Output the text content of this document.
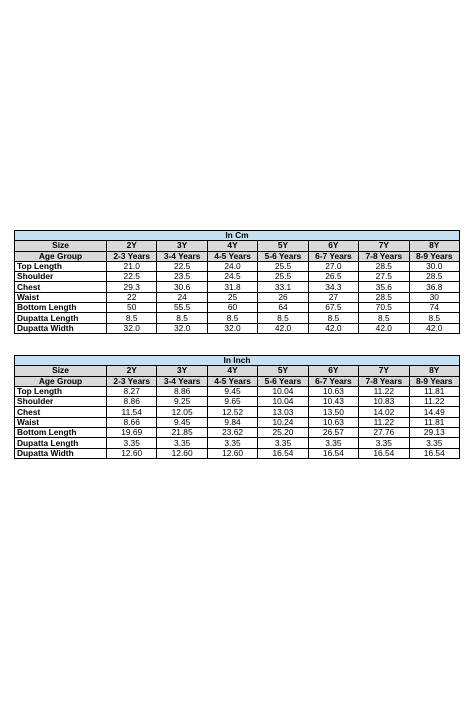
In Cm							
Size	2Y	3Y	4Y	5Y	6Y	7Y	8Y
Age Group	2-3 Years	3-4 Years	4-5 Years	5-6 Years	6-7 Years	7-8 Years	8-9 Years
Top Length	21.0	22.5	24.0	25.5	27.0	28.5	30.0
Shoulder	22.5	23.5	24.5	25.5	26.5	27.5	28.5
Chest	29.3	30.6	31.8	33.1	34.3	35.6	36.8
Waist	22	24	25	26	27	28.5	30
Bottom Length	50	55.5	60	64	67.5	70.5	74
Dupatta Length	8.5	8.5	8.5	8.5	8.5	8.5	8.5
Dupatta Width	32.0	32.0	32.0	42.0	42.0	42.0	42.0
In Inch							
Size	2Y	3Y	4Y	5Y	6Y	7Y	8Y
Age Group	2-3 Years	3-4 Years	4-5 Years	5-6 Years	6-7 Years	7-8 Years	8-9 Years
Top Length	8.27	8.86	9.45	10.04	10.63	11.22	11.81
Shoulder	8.86	9.25	9.65	10.04	10.43	10.83	11.22
Chest	11.54	12.05	12.52	13.03	13.50	14.02	14.49
Waist	8.66	9.45	9.84	10.24	10.63	11.22	11.81
Bottom Length	19.69	21.85	23.62	25.20	26.57	27.76	29.13
Dupatta Length	3.35	3.35	3.35	3.35	3.35	3.35	3.35
Dupatta Width	12.60	12.60	12.60	16.54	16.54	16.54	16.54
